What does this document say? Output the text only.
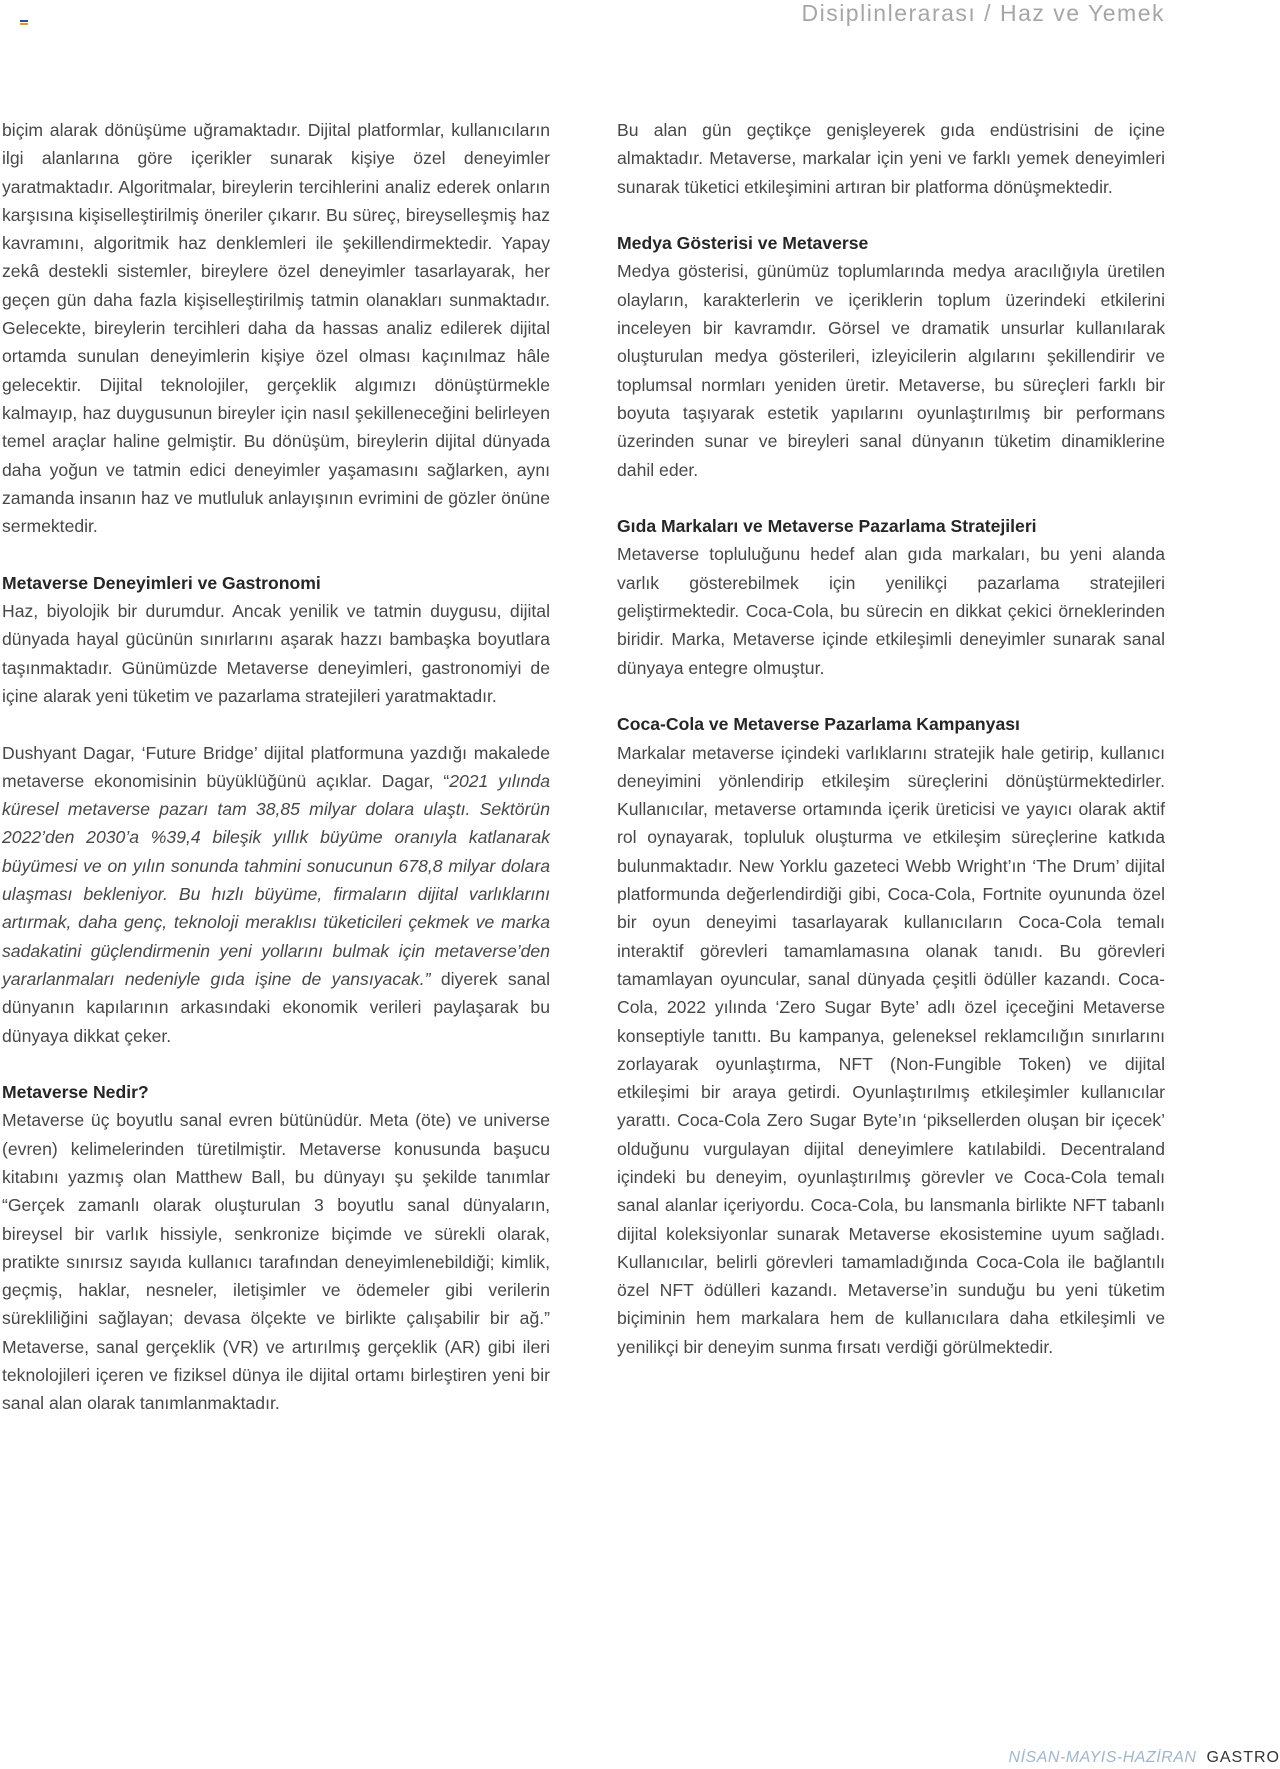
Disiplinlerarası / Haz ve Yemek

biçim alarak dönüşüme uğramaktadır. Dijital platformlar, kullanıcıların ilgi alanlarına göre içerikler sunarak kişiye özel deneyimler yaratmaktadır. Algoritmalar, bireylerin tercihlerini analiz ederek onların karşısına kişiselleştirilmiş öneriler çıkarır. Bu süreç, bireyselleşmiş haz kavramını, algoritmik haz denklemleri ile şekillendirmektedir. Yapay zekâ destekli sistemler, bireylere özel deneyimler tasarlayarak, her geçen gün daha fazla kişiselleştirilmiş tatmin olanakları sunmaktadır. Gelecekte, bireylerin tercihleri daha da hassas analiz edilerek dijital ortamda sunulan deneyimlerin kişiye özel olması kaçınılmaz hâle gelecektir. Dijital teknolojiler, gerçeklik algımızı dönüştürmekle kalmayıp, haz duygusunun bireyler için nasıl şekilleneceğini belirleyen temel araçlar haline gelmiştir. Bu dönüşüm, bireylerin dijital dünyada daha yoğun ve tatmin edici deneyimler yaşamasını sağlarken, aynı zamanda insanın haz ve mutluluk anlayışının evrimini de gözler önüne sermektedir.

Metaverse Deneyimleri ve Gastronomi

Haz, biyolojik bir durumdur. Ancak yenilik ve tatmin duygusu, dijital dünyada hayal gücünün sınırlarını aşarak hazzı bambaşka boyutlara taşınmaktadır. Günümüzde Metaverse deneyimleri, gastronomiyi de içine alarak yeni tüketim ve pazarlama stratejileri yaratmaktadır.

Dushyant Dagar, ‘Future Bridge’ dijital platformuna yazdığı makalede metaverse ekonomisinin büyüklüğünü açıklar. Dagar, “2021 yılında küresel metaverse pazarı tam 38,85 milyar dolara ulaştı. Sektörün 2022’den 2030’a %39,4 bileşik yıllık büyüme oranıyla katlanarak büyümesi ve on yılın sonunda tahmini sonucunun 678,8 milyar dolara ulaşması bekleniyor. Bu hızlı büyüme, firmaların dijital varlıklarını artırmak, daha genç, teknoloji meraklısı tüketicileri çekmek ve marka sadakatini güçlendirmenin yeni yollarını bulmak için metaverse’den yararlanmaları nedeniyle gıda işine de yansıyacak.” diyerek sanal dünyanın kapılarının arkasındaki ekonomik verileri paylaşarak bu dünyaya dikkat çeker.

Metaverse Nedir?

Metaverse üç boyutlu sanal evren bütünüdür. Meta (öte) ve universe (evren) kelimelerinden türetilmiştir. Metaverse konusunda başucu kitabını yazmış olan Matthew Ball, bu dünyayı şu şekilde tanımlar “Gerçek zamanlı olarak oluşturulan 3 boyutlu sanal dünyaların, bireysel bir varlık hissiyle, senkronize biçimde ve sürekli olarak, pratikte sınırsız sayıda kullanıcı tarafından deneyimlenebildiği; kimlik, geçmiş, haklar, nesneler, iletişimler ve ödemeler gibi verilerin sürekliliğini sağlayan; devasa ölçekte ve birlikte çalışabilir bir ağ.” Metaverse, sanal gerçeklik (VR) ve artırılmış gerçeklik (AR) gibi ileri teknolojileri içeren ve fiziksel dünya ile dijital ortamı birleştiren yeni bir sanal alan olarak tanımlanmaktadır.

Bu alan gün geçtikçe genişleyerek gıda endüstrisini de içine almaktadır. Metaverse, markalar için yeni ve farklı yemek deneyimleri sunarak tüketici etkileşimini artıran bir platforma dönüşmektedir.

Medya Gösterisi ve Metaverse

Medya gösterisi, günümüz toplumlarında medya aracılığıyla üretilen olayların, karakterlerin ve içeriklerin toplum üzerindeki etkilerini inceleyen bir kavramdır. Görsel ve dramatik unsurlar kullanılarak oluşturulan medya gösterileri, izleyicilerin algılarını şekillendirir ve toplumsal normları yeniden üretir. Metaverse, bu süreçleri farklı bir boyuta taşıyarak estetik yapılarını oyunlaştırılmış bir performans üzerinden sunar ve bireyleri sanal dünyanın tüketim dinamiklerine dahil eder.

Gıda Markaları ve Metaverse Pazarlama Stratejileri

Metaverse topluluğunu hedef alan gıda markaları, bu yeni alanda varlık gösterebilmek için yenilikçi pazarlama stratejileri geliştirmektedir. Coca-Cola, bu sürecin en dikkat çekici örneklerinden biridir. Marka, Metaverse içinde etkileşimli deneyimler sunarak sanal dünyaya entegre olmuştur.

Coca-Cola ve Metaverse Pazarlama Kampanyası

Markalar metaverse içindeki varlıklarını stratejik hale getirip, kullanıcı deneyimini yönlendirip etkileşim süreçlerini dönüştürmektedirler. Kullanıcılar, metaverse ortamında içerik üreticisi ve yayıcı olarak aktif rol oynayarak, topluluk oluşturma ve etkileşim süreçlerine katkıda bulunmaktadır. New Yorklu gazeteci Webb Wright’ın ‘The Drum’ dijital platformunda değerlendirdiği gibi, Coca-Cola, Fortnite oyununda özel bir oyun deneyimi tasarlayarak kullanıcıların Coca-Cola temalı interaktif görevleri tamamlamasına olanak tanıdı. Bu görevleri tamamlayan oyuncular, sanal dünyada çeşitli ödüller kazandı. Coca-Cola, 2022 yılında ‘Zero Sugar Byte’ adlı özel içeceğini Metaverse konseptiyle tanıttı. Bu kampanya, geleneksel reklamcılığın sınırlarını zorlayarak oyunlaştırma, NFT (Non-Fungible Token) ve dijital etkileşimi bir araya getirdi. Oyunlaştırılmış etkileşimler kullanıcılar yarattı. Coca-Cola Zero Sugar Byte’ın ‘piksellerden oluşan bir içecek’ olduğunu vurgulayan dijital deneyimlere katılabildi. Decentraland içindeki bu deneyim, oyunlaştırılmış görevler ve Coca-Cola temalı sanal alanlar içeriyordu. Coca-Cola, bu lansmanla birlikte NFT tabanlı dijital koleksiyonlar sunarak Metaverse ekosistemine uyum sağladı. Kullanıcılar, belirli görevleri tamamladığında Coca-Cola ile bağlantılı özel NFT ödülleri kazandı. Metaverse’in sunduğu bu yeni tüketim biçiminin hem markalara hem de kullanıcılara daha etkileşimli ve yenilikçi bir deneyim sunma fırsatı verdiği görülmektedir.

NİSAN-MAYIS-HAZİRAN GASTRO
